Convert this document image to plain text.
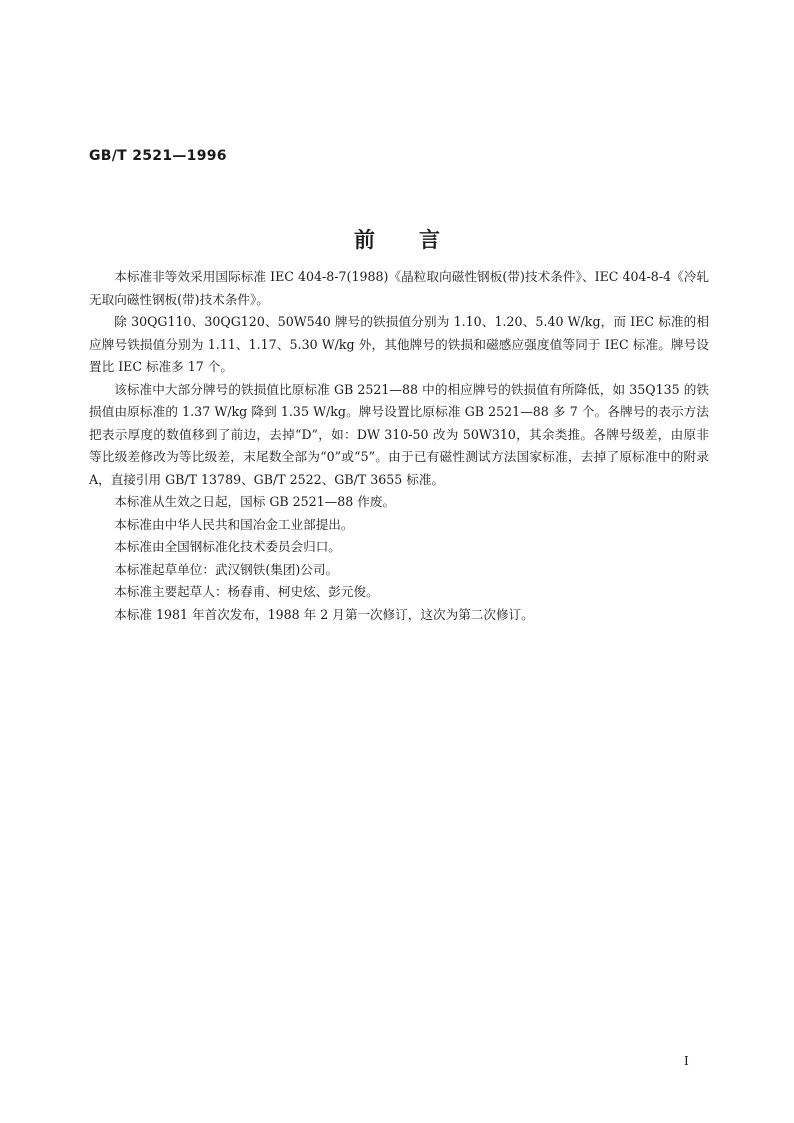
GB/T 2521—1996
前言

本标准非等效采用国际标准 IEC 404-8-7(1988)《晶粒取向磁性钢板(带)技术条件》、IEC 404-8-4《冷轧无取向磁性钢板(带)技术条件》。

除 30QG110、30QG120、50W540 牌号的铁损值分别为 1.10、1.20、5.40 W/kg，而 IEC 标准的相应牌号铁损值分别为 1.11、1.17、5.30 W/kg 外，其他牌号的铁损和磁感应强度值等同于 IEC 标准。牌号设置比 IEC 标准多 17 个。

该标准中大部分牌号的铁损值比原标准 GB 2521—88 中的相应牌号的铁损值有所降低，如 35Q135 的铁损值由原标准的 1.37 W/kg 降到 1.35 W/kg。牌号设置比原标准 GB 2521—88 多 7 个。各牌号的表示方法把表示厚度的数值移到了前边，去掉“D”，如：DW 310-50 改为 50W310，其余类推。各牌号级差，由原非等比级差修改为等比级差，末尾数全部为“0”或“5”。由于已有磁性测试方法国家标准，去掉了原标准中的附录 A，直接引用 GB/T 13789、GB/T 2522、GB/T 3655 标准。

本标准从生效之日起，国标 GB 2521—88 作废。

本标准由中华人民共和国冶金工业部提出。

本标准由全国钢标准化技术委员会归口。

本标准起草单位：武汉钢铁(集团)公司。

本标准主要起草人：杨春甫、柯史炫、彭元俊。

本标准 1981 年首次发布，1988 年 2 月第一次修订，这次为第二次修订。

I
